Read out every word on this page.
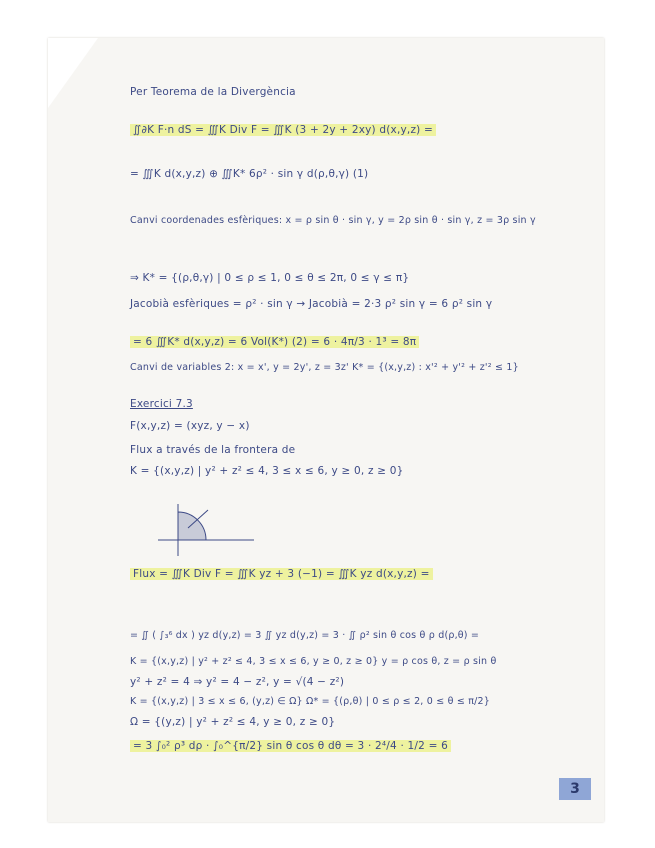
Per Teorema de la Divergència
∬∂K F·n dS = ∭K Div F = ∭K (3 + 2y + 2xy) d(x,y,z) =
= ∭K d(x,y,z) ⊕ ∭K* 6ρ² · sin γ d(ρ,θ,γ) (1)
Canvi coordenades esfèriques: x = ρ sin θ · sin γ, y = 2ρ sin θ · sin γ, z = 3ρ sin γ
⇒ K* = {(ρ,θ,γ) | 0 ≤ ρ ≤ 1, 0 ≤ θ ≤ 2π, 0 ≤ γ ≤ π}
Jacobià esfèriques = ρ² · sin γ → Jacobià = 2·3 ρ² sin γ = 6 ρ² sin γ
= 6 ∭K* d(x,y,z) = 6 Vol(K*) (2) = 6 · 4π/3 · 1³ = 8π
Canvi de variables 2: x = x', y = 2y', z = 3z' K* = {(x,y,z) : x'² + y'² + z'² ≤ 1}
Exercici 7.3
F(x,y,z) = (xyz, y − x)
Flux a través de la frontera de
K = {(x,y,z) | y² + z² ≤ 4, 3 ≤ x ≤ 6, y ≥ 0, z ≥ 0}
Flux = ∭K Div F = ∭K yz + 3 (−1) = ∭K yz d(x,y,z) =
= ∬ ( ∫₃⁶ dx ) yz d(y,z) = 3 ∬ yz d(y,z) = 3 · ∬ ρ² sin θ cos θ ρ d(ρ,θ) =
K = {(x,y,z) | y² + z² ≤ 4, 3 ≤ x ≤ 6, y ≥ 0, z ≥ 0} y = ρ cos θ, z = ρ sin θ
y² + z² = 4 ⇒ y² = 4 − z², y = √(4 − z²)
K = {(x,y,z) | 3 ≤ x ≤ 6, (y,z) ∈ Ω} Ω* = {(ρ,θ) | 0 ≤ ρ ≤ 2, 0 ≤ θ ≤ π/2}
Ω = {(y,z) | y² + z² ≤ 4, y ≥ 0, z ≥ 0}
= 3 ∫₀² ρ³ dρ · ∫₀^{π/2} sin θ cos θ dθ = 3 · 2⁴/4 · 1/2 = 6
3
